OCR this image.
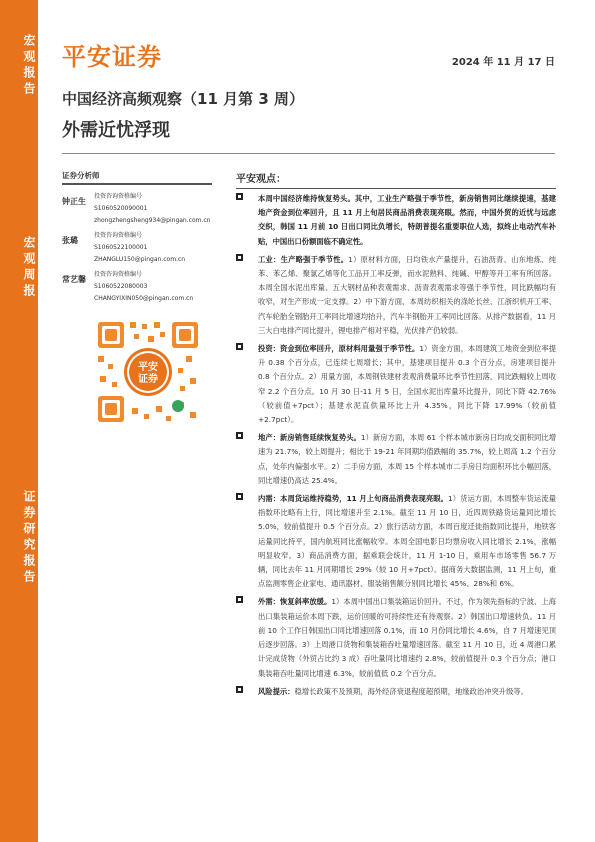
宏观报告
宏观周报
证券研究报告
平安证券	2024 年 11 月 17 日
中国经济高频观察（11 月第 3 周）
外需近忧浮现
证券分析师
钟正生
投资咨询资格编号
S1060520090001
zhongzhengsheng934@pingan.com.cn
张璐
投资咨询资格编号
S1060522100001
ZHANGLU150@pingan.com.cn
常艺馨
投资咨询资格编号
S1060522080003
CHANGYIXIN050@pingan.com.cn
平安
证券
平安观点：
本周中国经济维持恢复势头。其中，工业生产略强于季节性，新房销售同比继续提速，基建地产资金到位率回升，且 11 月上旬居民商品消费表现亮眼。然而，中国外贸的近忧与远虑交织，韩国 11 月前 10 日出口同比负增长，特朗普提名重要职位人选，拟终止电动汽车补贴，中国出口份额面临不确定性。
工业：生产略强于季节性。1）原材料方面，日均铁水产量提升，石油沥青、山东地炼、纯苯、苯乙烯、聚氯乙烯等化工品开工率反弹，而水泥熟料、纯碱、甲醇等开工率有所回落。本周全国水泥出库量、五大钢材品种表观需求、沥青表观需求等强于季节性，同比跌幅均有收窄，对生产形成一定支撑。2）中下游方面，本周纺织相关的涤纶长丝、江浙织机开工率、汽车轮胎全钢胎开工率同比增速均抬升，汽车半钢胎开工率同比回落。从排产数据看，11 月三大白电排产同比提升，锂电排产相对平稳，光伏排产仍较弱。
投资：资金到位率回升，原材料用量强于季节性。1）资金方面，本周建筑工地资金到位率提升 0.38 个百分点，已连续七周增长；其中，基建项目提升 0.3 个百分点，房建项目提升 0.8 个百分点。2）用量方面，本周钢铁建材表观消费量环比季节性回落，同比跌幅较上周收窄 2.2 个百分点。10 月 30 日-11 月 5 日，全国水泥出库量环比提升，同比下降 42.76%（较前值+7pct）；基建水泥直供量环比上升 4.35%，同比下降 17.99%（较前值+2.7pct）。
地产：新房销售延续恢复势头。1）新房方面，本周 61 个样本城市新房日均成交面积同比增速为 21.7%，较上周提升；相比于 19-21 年同期均值跌幅的 35.7%，较上周高 1.2 个百分点，处年内偏强水平。2）二手房方面，本周 15 个样本城市二手房日均面积环比小幅回落，同比增速仍高达 25.4%。
内需：本周货运维持稳势，11 月上旬商品消费表现亮眼。1）货运方面，本周整车货运流量指数环比略有上行，同比增速升至 2.1%。截至 11 月 10 日，近四周铁路货运量同比增长 5.0%，较前值提升 0.5 个百分点。2）旅行活动方面，本周百度迁徙指数同比提升，地铁客运量同比持平，国内航班同比涨幅收窄。本周全国电影日均票房收入同比增长 2.1%，涨幅明显收窄。3）商品消费方面，据乘联会统计，11 月 1-10 日，乘用车市场零售 56.7 万辆，同比去年 11 月同期增长 29%（较 10 月+7pct）。据商务大数据监测，11 月上旬，重点监测零售企业家电、通讯器材、服装销售额分别同比增长 45%、28%和 6%。
外需：恢复斜率放缓。1）本周中国出口集装箱运价回升。不过，作为领先指标的宁波、上海出口集装箱运价本周下跌，运价回暖的可持续性还有待观察。2）韩国出口增速转负。11 月前 10 个工作日韩国出口同比增速回落 0.1%，而 10 月份同比增长 4.6%，自 7 月增速见顶后逐步回落。3）上周港口货物和集装箱吞吐量增速回落。截至 11 月 10 日，近 4 周港口累计完成货物（外贸占比约 3 成）吞吐量同比增速约 2.8%，较前值提升 0.3 个百分点；港口集装箱吞吐量同比增速 6.3%，较前值低 0.2 个百分点。
风险提示：稳增长政策不及预期，海外经济衰退程度超预期，地缘政治冲突升级等。
